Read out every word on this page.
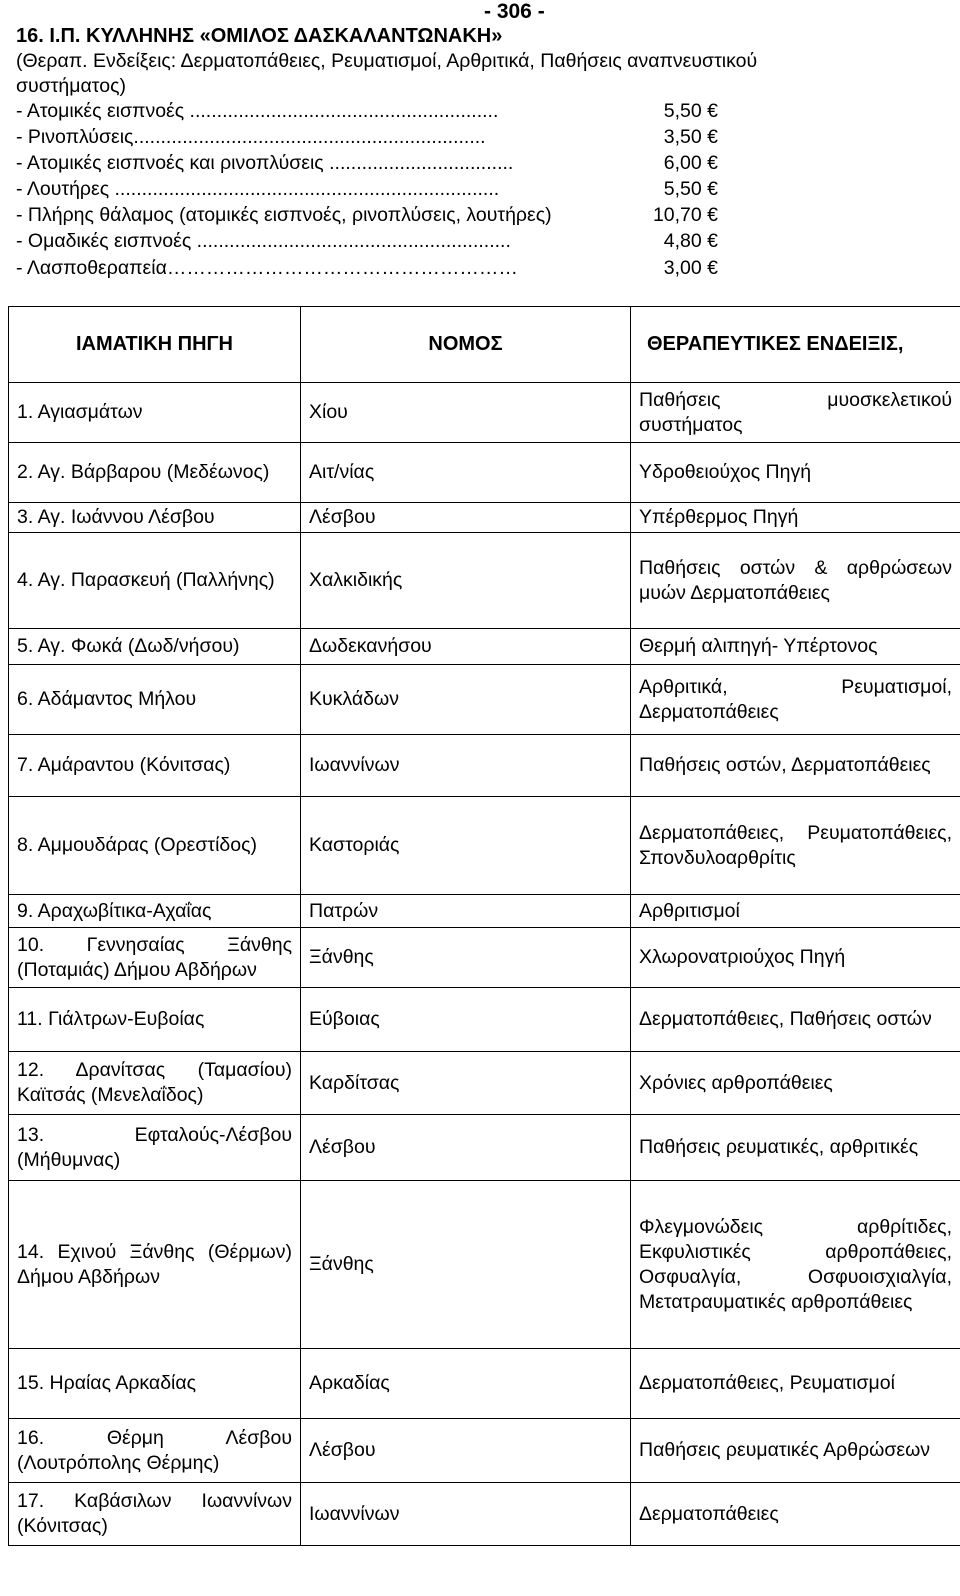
- 306 -
16. Ι.Π. ΚΥΛΛΗΝΗΣ «ΟΜΙΛΟΣ ΔΑΣΚΑΛΑΝΤΩΝΑΚΗ»
(Θεραπ. Ενδείξεις: Δερματοπάθειες, Ρευματισμοί, Αρθριτικά, Παθήσεις αναπνευστικού
συστήματος)
- Ατομικές εισπνοές .........................................................	5,50 €
- Ρινοπλύσεις.................................................................	3,50 €
- Ατομικές εισπνοές και ρινοπλύσεις ..................................	6,00 €
- Λουτήρες .......................................................................	5,50 €
- Πλήρης θάλαμος (ατομικές εισπνοές, ρινοπλύσεις, λουτήρες)	10,70 €
- Ομαδικές εισπνοές ..........................................................	4,80 €
- Λασποθεραπεία………………………………………………	3,00 €
ΙΑΜΑΤΙΚΗ ΠΗΓΗ	ΝΟΜΟΣ	ΘΕΡΑΠΕΥΤΙΚΕΣ ΕΝΔΕΙΞΙΣ,
1. Αγιασμάτων	Χίου	Παθήσεις μυοσκελετικού συστήματος
2. Αγ. Βάρβαρου (Μεδέωνος)	Αιτ/νίας	Υδροθειούχος Πηγή
3. Αγ. Ιωάννου Λέσβου	Λέσβου	Υπέρθερμος Πηγή
4. Αγ. Παρασκευή (Παλλήνης)	Χαλκιδικής	Παθήσεις οστών & αρθρώσεων μυών Δερματοπάθειες
5. Αγ. Φωκά (Δωδ/νήσου)	Δωδεκανήσου	Θερμή αλιπηγή- Υπέρτονος
6. Αδάμαντος Μήλου	Κυκλάδων	Αρθριτικά, Ρευματισμοί, Δερματοπάθειες
7. Αμάραντου (Κόνιτσας)	Ιωαννίνων	Παθήσεις οστών, Δερματοπάθειες
8. Αμμουδάρας (Ορεστίδος)	Καστοριάς	Δερματοπάθειες, Ρευματοπάθειες, Σπονδυλοαρθρίτις
9. Αραχωβίτικα-Αχαΐας	Πατρών	Αρθριτισμοί
10. Γεννησαίας Ξάνθης (Ποταμιάς) Δήμου Αβδήρων	Ξάνθης	Χλωρονατριούχος Πηγή
11. Γιάλτρων-Ευβοίας	Εύβοιας	Δερματοπάθειες, Παθήσεις οστών
12. Δρανίτσας (Ταμασίου) Καϊτσάς (Μενελαΐδος)	Καρδίτσας	Χρόνιες αρθροπάθειες
13. Εφταλούς-Λέσβου (Μήθυμνας)	Λέσβου	Παθήσεις ρευματικές, αρθριτικές
14. Εχινού Ξάνθης (Θέρμων) Δήμου Αβδήρων	Ξάνθης	Φλεγμονώδεις αρθρίτιδες, Εκφυλιστικές αρθροπάθειες, Οσφυαλγία, Οσφυοισχιαλγία, Μετατραυματικές αρθροπάθειες
15. Ηραίας Αρκαδίας	Αρκαδίας	Δερματοπάθειες, Ρευματισμοί
16. Θέρμη Λέσβου (Λουτρόπολης Θέρμης)	Λέσβου	Παθήσεις ρευματικές Αρθρώσεων
17. Καβάσιλων Ιωαννίνων (Κόνιτσας)	Ιωαννίνων	Δερματοπάθειες
